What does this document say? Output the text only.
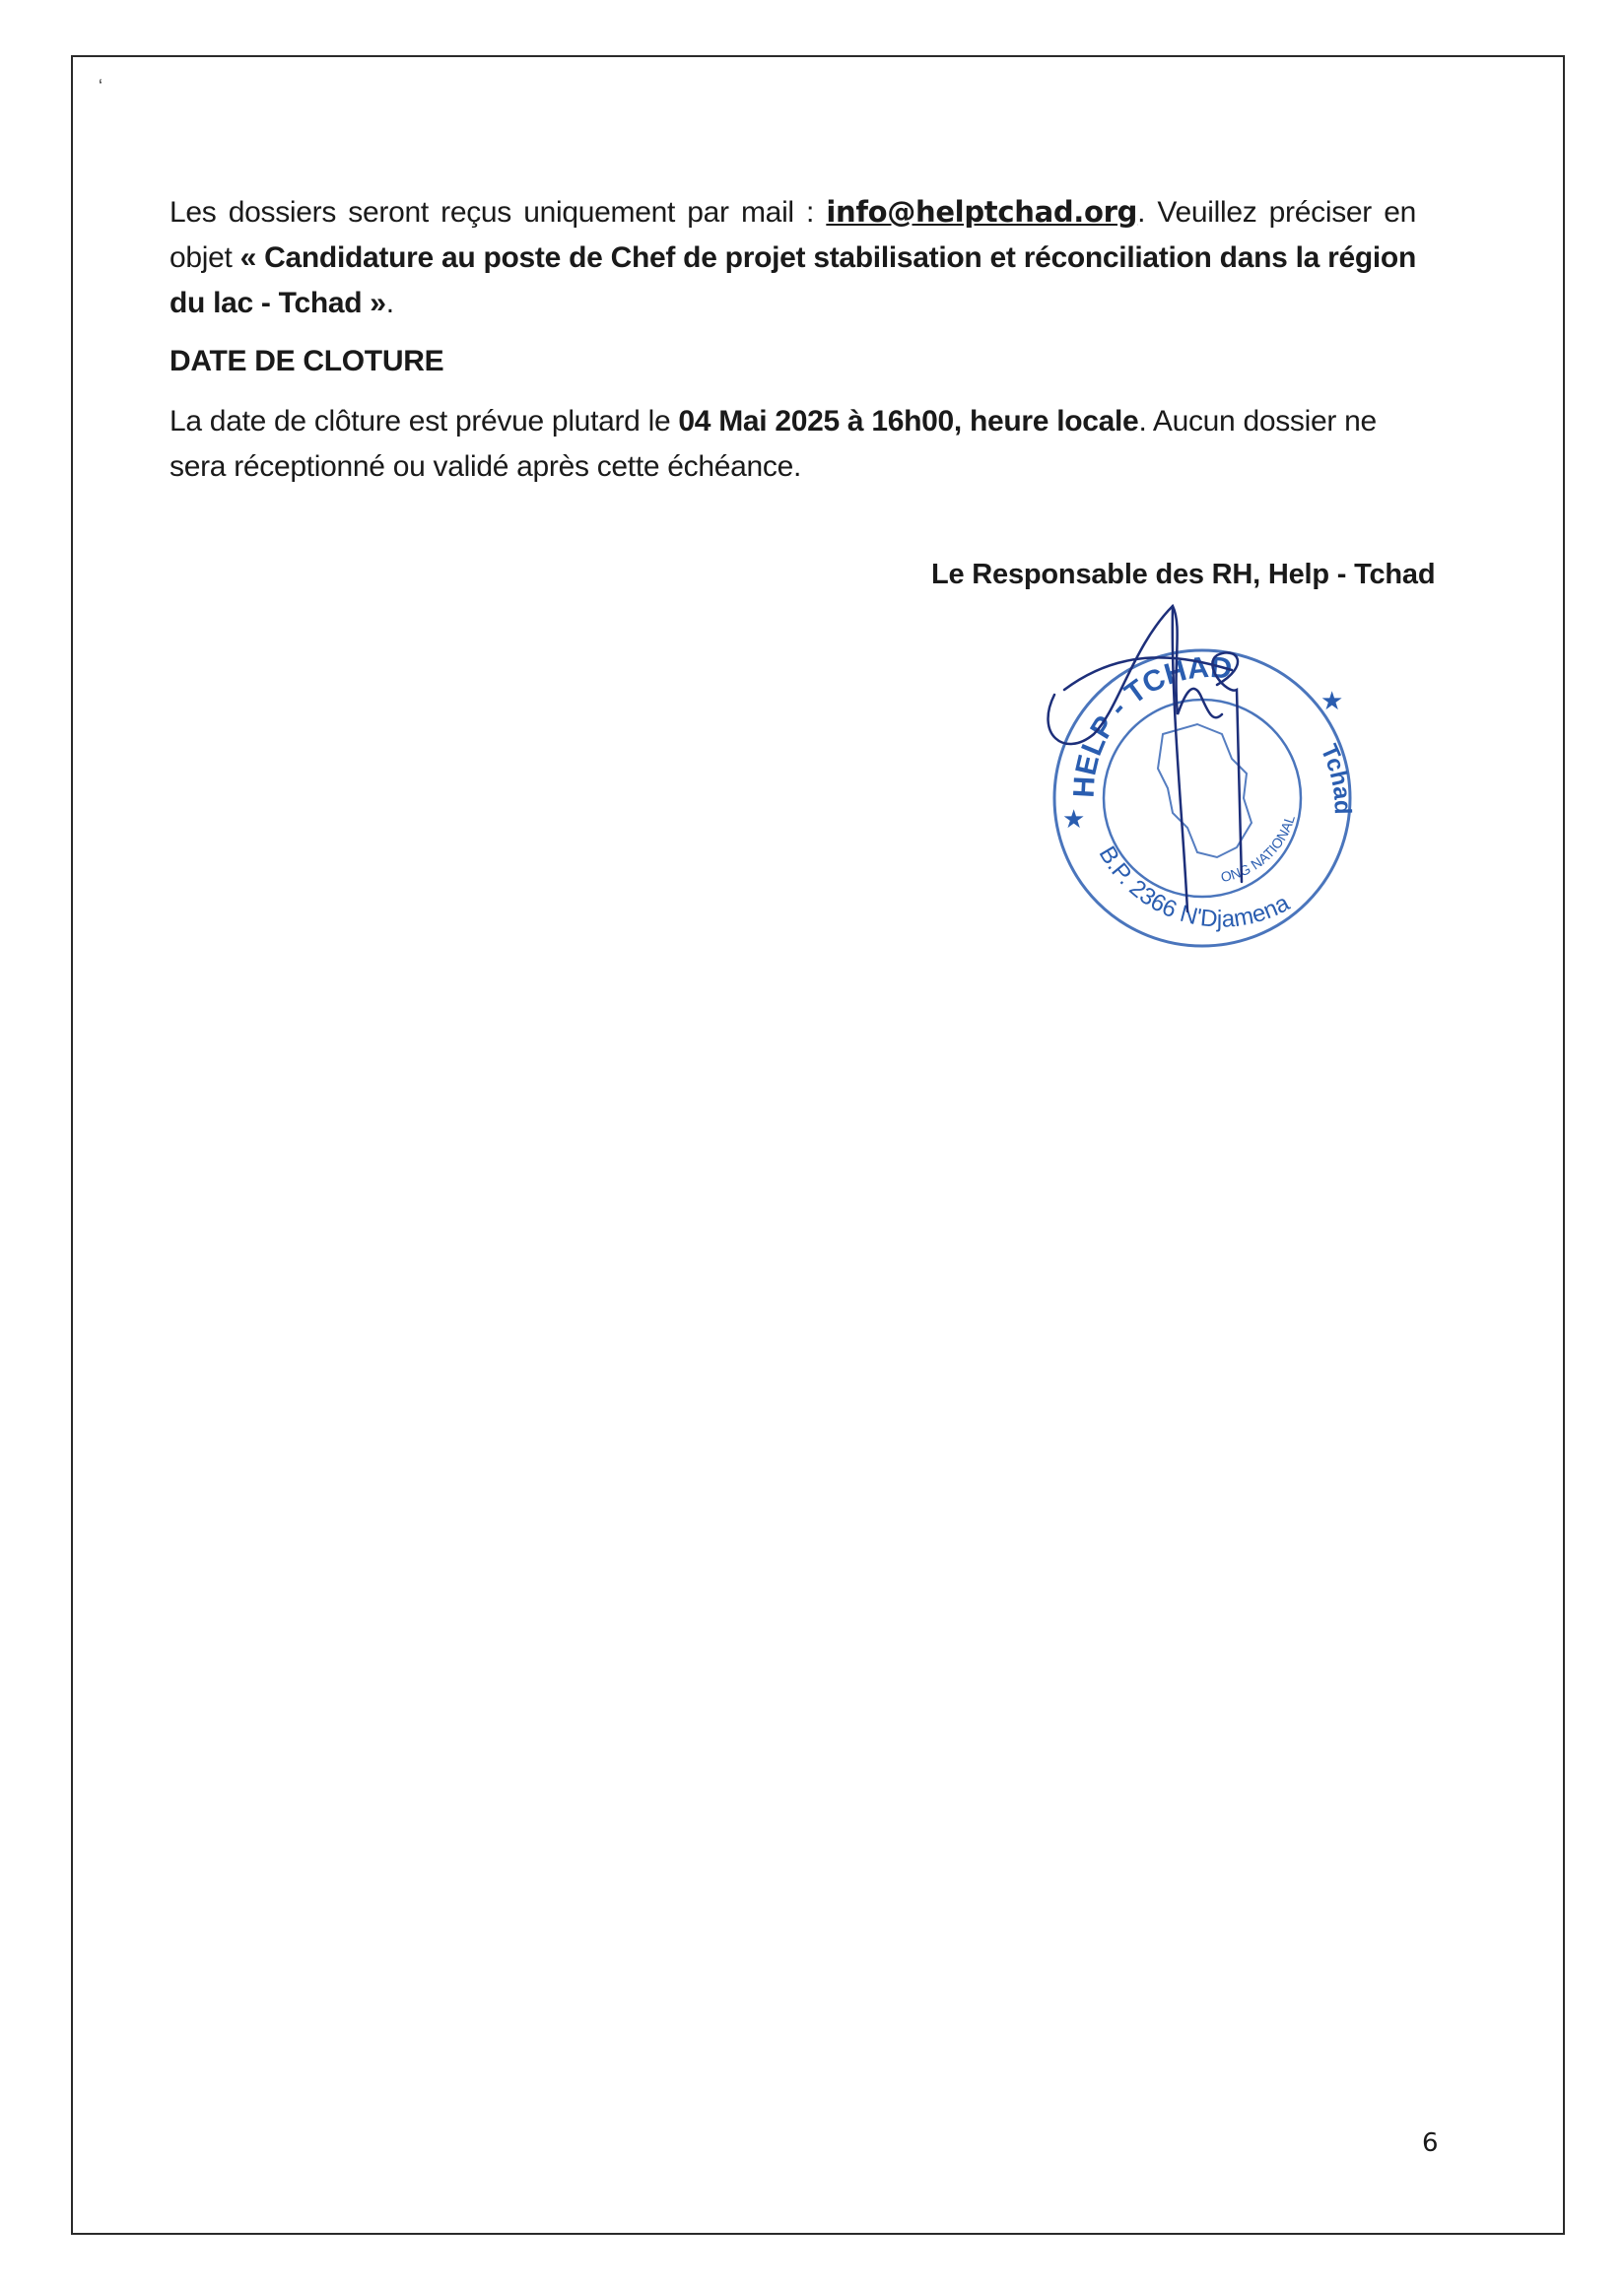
ʻ
Les dossiers seront reçus uniquement par mail : info@helptchad.org. Veuillez préciser en objet « Candidature au poste de Chef de projet stabilisation et réconciliation dans la région du lac - Tchad ».
DATE DE CLOTURE
La date de clôture est prévue plutard le 04 Mai 2025 à 16h00, heure locale. Aucun dossier ne sera réceptionné ou validé après cette échéance.
Le Responsable des RH, Help - Tchad
HELP - TCHAD
Tchad
B.P. 2366 N'Djamena
ONG NATIONAL
★
★
6
